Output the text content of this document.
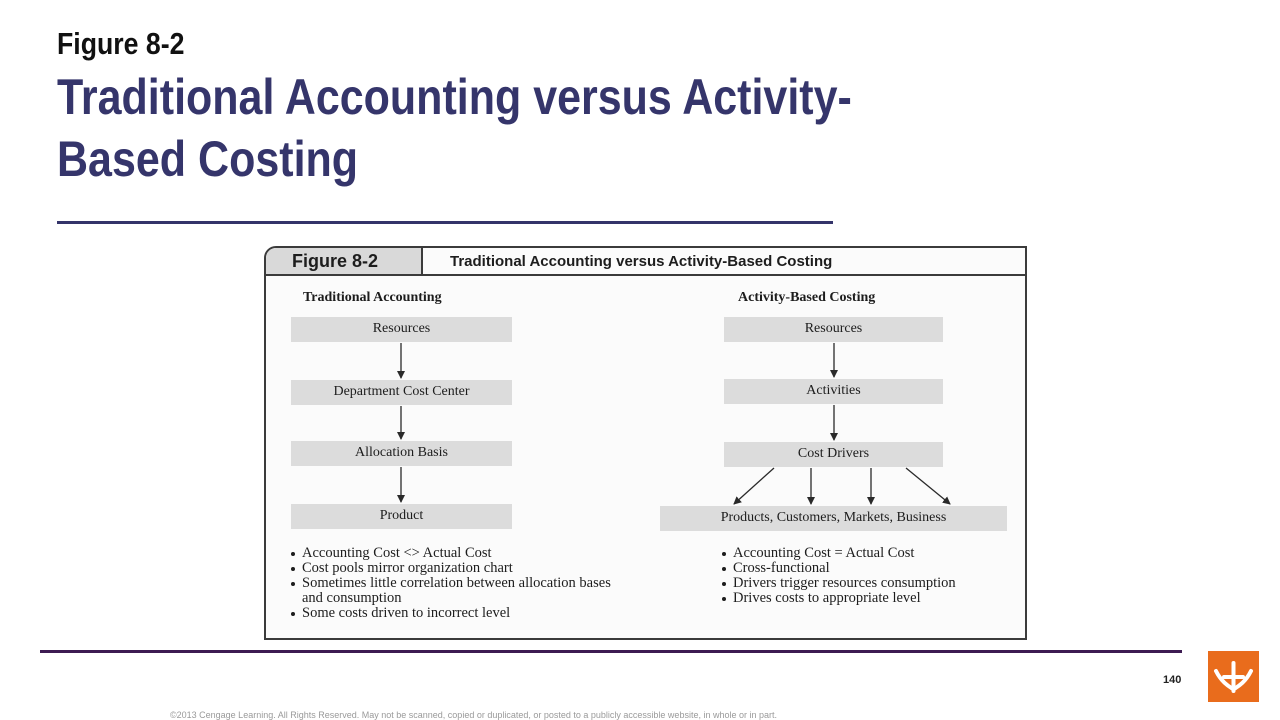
Figure 8-2
Traditional Accounting versus Activity-Based Costing
Figure 8-2	Traditional Accounting versus Activity-Based Costing
Traditional Accounting
Resources
Department Cost Center
Allocation Basis
Product
Activity-Based Costing
Resources
Activities
Cost Drivers
Products, Customers, Markets, Business
Accounting Cost <> Actual Cost
Cost pools mirror organization chart
Sometimes little correlation between allocation bases and consumption
Some costs driven to incorrect level
Accounting Cost = Actual Cost
Cross-functional
Drivers trigger resources consumption
Drives costs to appropriate level
140
©2013 Cengage Learning. All Rights Reserved. May not be scanned, copied or duplicated, or posted to a publicly accessible website, in whole or in part.
